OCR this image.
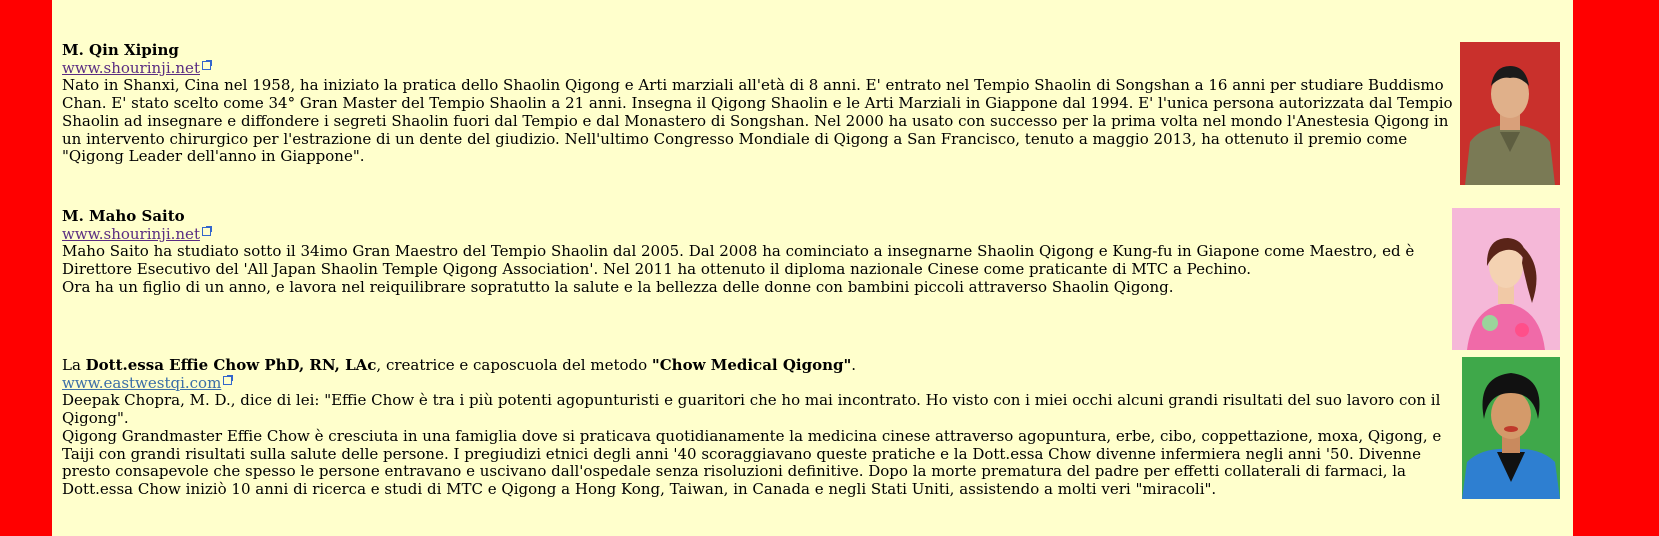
M. Qin Xiping

www.shourinji.net

Nato in Shanxi, Cina nel 1958, ha iniziato la pratica dello Shaolin Qigong e Arti marziali all'età di 8 anni. E' entrato nel Tempio Shaolin di Songshan a 16 anni per studiare Buddismo Chan. E' stato scelto come 34° Gran Master del Tempio Shaolin a 21 anni. Insegna il Qigong Shaolin e le Arti Marziali in Giappone dal 1994. E' l'unica persona autorizzata dal Tempio Shaolin ad insegnare e diffondere i segreti Shaolin fuori dal Tempio e dal Monastero di Songshan. Nel 2000 ha usato con successo per la prima volta nel mondo l'Anestesia Qigong in un intervento chirurgico per l'estrazione di un dente del giudizio. Nell'ultimo Congresso Mondiale di Qigong a San Francisco, tenuto a maggio 2013, ha ottenuto il premio come "Qigong Leader dell'anno in Giappone".

M. Maho Saito

www.shourinji.net

Maho Saito ha studiato sotto il 34imo Gran Maestro del Tempio Shaolin dal 2005. Dal 2008 ha cominciato a insegnarne Shaolin Qigong e Kung-fu in Giapone come Maestro, ed è Direttore Esecutivo del 'All Japan Shaolin Temple Qigong Association'. Nel 2011 ha ottenuto il diploma nazionale Cinese come praticante di MTC a Pechino.

Ora ha un figlio di un anno, e lavora nel reiquilibrare sopratutto la salute e la bellezza delle donne con bambini piccoli attraverso Shaolin Qigong.

La Dott.essa Effie Chow PhD, RN, LAc, creatrice e caposcuola del metodo "Chow Medical Qigong".

www.eastwestqi.com

Deepak Chopra, M. D., dice di lei: "Effie Chow è tra i più potenti agopunturisti e guaritori che ho mai incontrato. Ho visto con i miei occhi alcuni grandi risultati del suo lavoro con il Qigong".

Qigong Grandmaster Effie Chow è cresciuta in una famiglia dove si praticava quotidianamente la medicina cinese attraverso agopuntura, erbe, cibo, coppettazione, moxa, Qigong, e Taiji con grandi risultati sulla salute delle persone. I pregiudizi etnici degli anni '40 scoraggiavano queste pratiche e la Dott.essa Chow divenne infermiera negli anni '50. Divenne presto consapevole che spesso le persone entravano e uscivano dall'ospedale senza risoluzioni definitive. Dopo la morte prematura del padre per effetti collaterali di farmaci, la Dott.essa Chow iniziò 10 anni di ricerca e studi di MTC e Qigong a Hong Kong, Taiwan, in Canada e negli Stati Uniti, assistendo a molti veri "miracoli".
